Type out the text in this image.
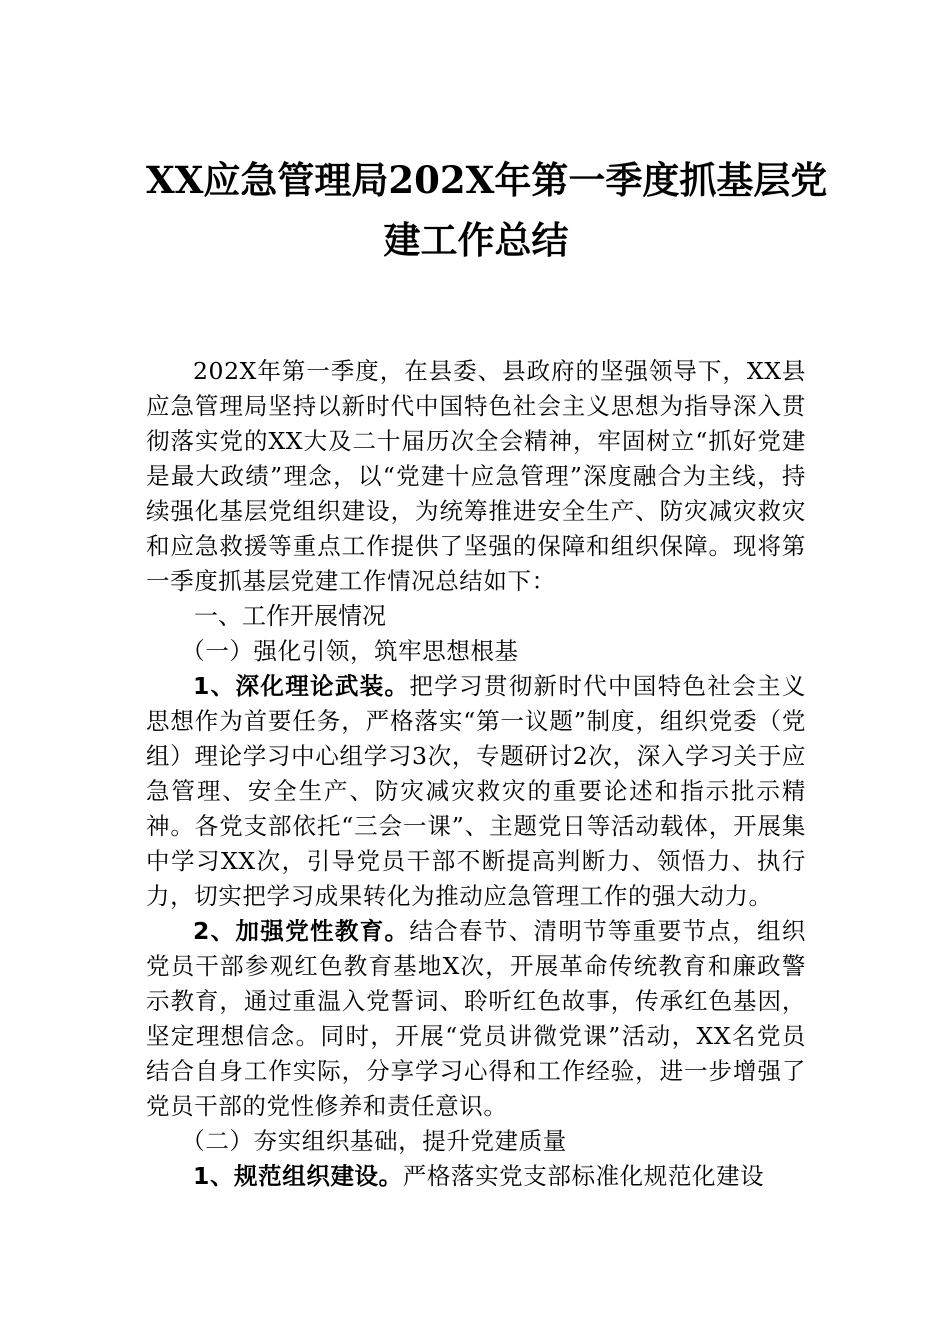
XX应急管理局202X年第一季度抓基层党
建工作总结

202X年第一季度，在县委、县政府的坚强领导下，XX县应急管理局坚持以新时代中国特色社会主义思想为指导深入贯彻落实党的XX大及二十届历次全会精神，牢固树立“抓好党建是最大政绩”理念，以“党建十应急管理”深度融合为主线，持续强化基层党组织建设，为统筹推进安全生产、防灾减灾救灾和应急救援等重点工作提供了坚强的保障和组织保障。现将第一季度抓基层党建工作情况总结如下：

一、工作开展情况

（一）强化引领，筑牢思想根基

1、深化理论武装。把学习贯彻新时代中国特色社会主义思想作为首要任务，严格落实“第一议题”制度，组织党委（党组）理论学习中心组学习3次，专题研讨2次，深入学习关于应急管理、安全生产、防灾减灾救灾的重要论述和指示批示精神。各党支部依托“三会一课”、主题党日等活动载体，开展集中学习XX次，引导党员干部不断提高判断力、领悟力、执行力，切实把学习成果转化为推动应急管理工作的强大动力。

2、加强党性教育。结合春节、清明节等重要节点，组织党员干部参观红色教育基地X次，开展革命传统教育和廉政警示教育，通过重温入党誓词、聆听红色故事，传承红色基因，坚定理想信念。同时，开展“党员讲微党课”活动，XX名党员结合自身工作实际，分享学习心得和工作经验，进一步增强了党员干部的党性修养和责任意识。

（二）夯实组织基础，提升党建质量

1、规范组织建设。严格落实党支部标准化规范化建设
